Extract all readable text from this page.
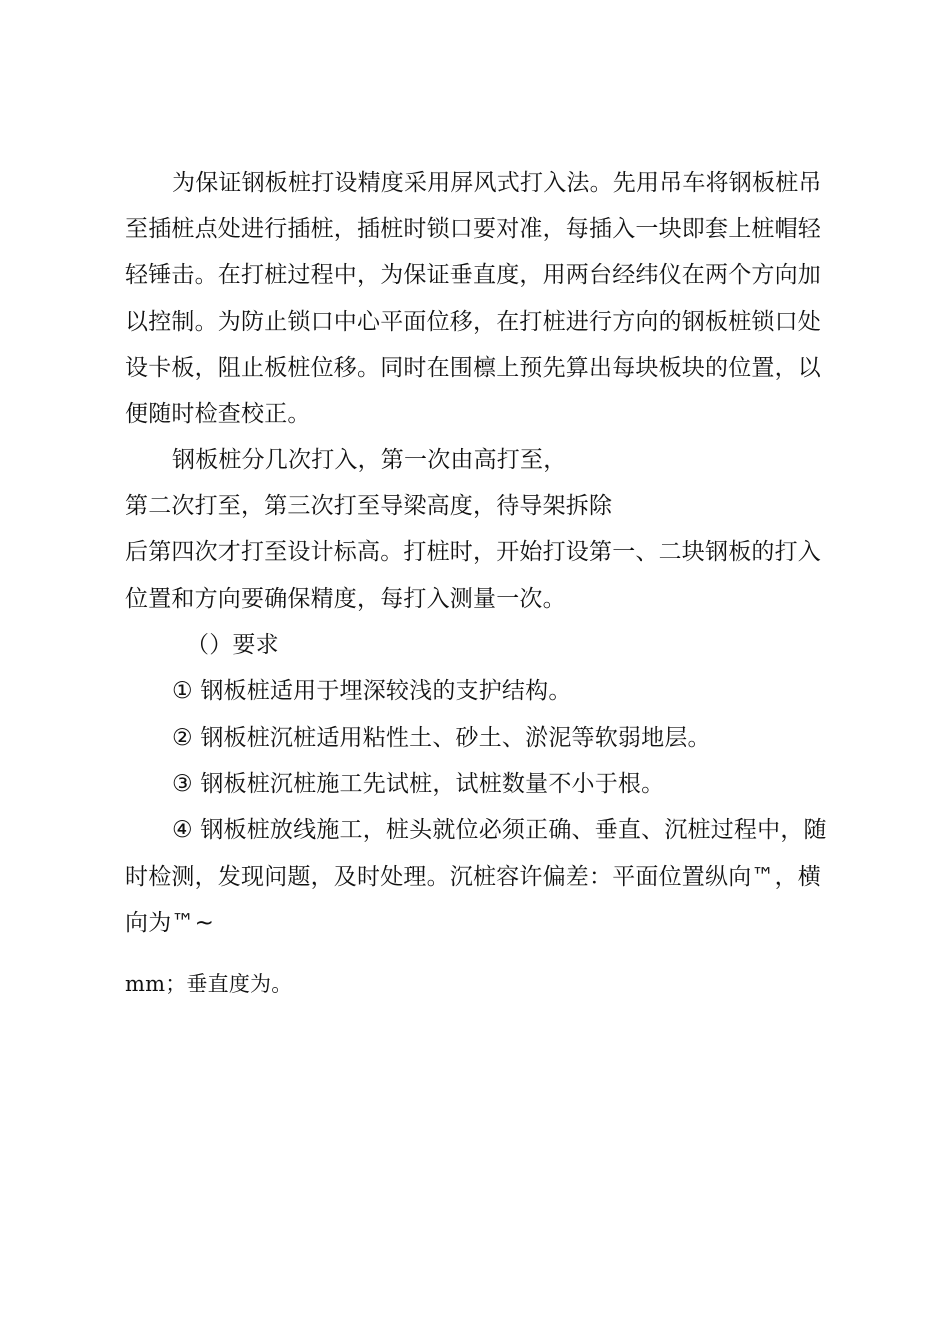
为保证钢板桩打设精度采用屏风式打入法。先用吊车将钢板桩吊
至插桩点处进行插桩，插桩时锁口要对准，每插入一块即套上桩帽轻
轻锤击。在打桩过程中，为保证垂直度，用两台经纬仪在两个方向加
以控制。为防止锁口中心平面位移，在打桩进行方向的钢板桩锁口处
设卡板，阻止板桩位移。同时在围檩上预先算出每块板块的位置，以
便随时检查校正。
钢板桩分几次打入，第一次由高打至，
第二次打至，第三次打至导梁高度，待导架拆除
后第四次才打至设计标高。打桩时，开始打设第一、二块钢板的打入
位置和方向要确保精度，每打入测量一次。
（）要求
① 钢板桩适用于埋深较浅的支护结构。
② 钢板桩沉桩适用粘性土、砂土、淤泥等软弱地层。
③ 钢板桩沉桩施工先试桩，试桩数量不小于根。
④ 钢板桩放线施工，桩头就位必须正确、垂直、沉桩过程中，随
时检测，发现问题，及时处理。沉桩容许偏差：平面位置纵向™，横
向为™~
mm；垂直度为。
